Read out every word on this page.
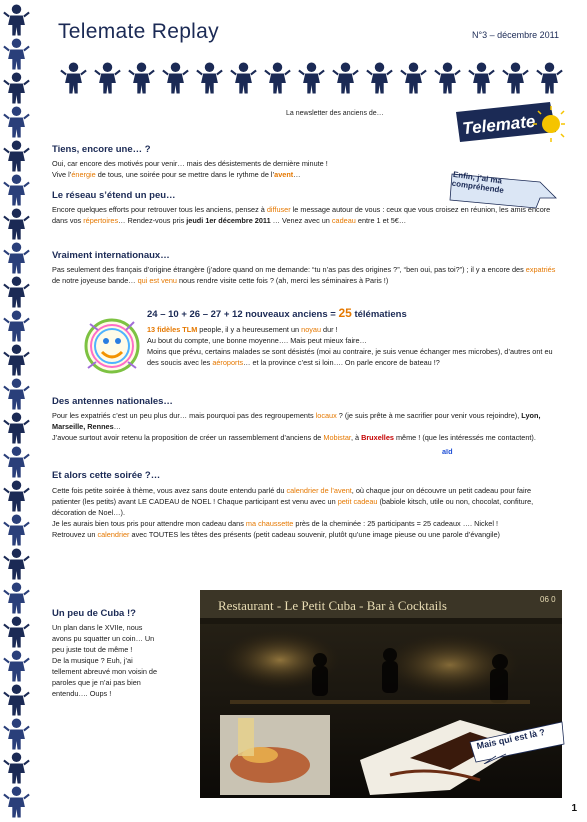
Telemate Replay	N°3 – décembre 2011
La newsletter des anciens de…	Telemate
Tiens, encore une… ?
Oui, car encore des motivés pour venir… mais des désistements de dernière minute !
Vive l’énergie de tous, une soirée pour se mettre dans le rythme de l’avent…	Enfin, j’ai ma compréhende
Le réseau s’étend un peu…
Encore quelques efforts pour retrouver tous les anciens, pensez à diffuser le message autour de vous : ceux que vous croisez en réunion, les amis encore dans vos répertoires… Rendez-vous pris jeudi 1er décembre 2011 … Venez avec un cadeau entre 1 et 5€…
Vraiment internationaux…
Pas seulement des français d’origine étrangère (j’adore quand on me demande: “tu n’as pas des origines ?”, “ben oui, pas toi?”) ; il y a encore des expatriés de notre joyeuse bande… qui est venu nous rendre visite cette fois ? (ah, merci les séminaires à Paris !)
24 – 10 + 26 – 27 + 12 nouveaux anciens = 25 télématiens
13 fidèles TLM people, il y a heureusement un noyau dur !
Au bout du compte, une bonne moyenne…. Mais peut mieux faire…
Moins que prévu, certains malades se sont désistés (moi au contraire, je suis venue échanger mes microbes), d’autres ont eu des soucis avec les aéroports… et la province c’est si loin…. On parle encore de bateau !?
Des antennes nationales…
Pour les expatriés c’est un peu plus dur… mais pourquoi pas des regroupements locaux ? (je suis prête à me sacrifier pour venir vous rejoindre), Lyon, Marseille, Rennes…
J’avoue surtout avoir retenu la proposition de créer un rassemblement d’anciens de Mobistar, à Bruxelles même ! (que les intéressés me contactent).
aïd
Et alors cette soirée ?…
Cette fois petite soirée à thème, vous avez sans doute entendu parlé du calendrier de l’avent, où chaque jour on découvre un petit cadeau pour faire patienter (les petits) avant LE CADEAU de NOEL ! Chaque participant est venu avec un petit cadeau (babiole kitsch, utile ou non, chocolat, confiture, décoration de Noel…).
Je les aurais bien tous pris pour attendre mon cadeau dans ma chaussette près de la cheminée : 25 participants = 25 cadeaux …. Nickel !
Retrouvez un calendrier avec TOUTES les têtes des présents (petit cadeau souvenir, plutôt qu’une image pieuse ou une parole d’évangile)
Un peu de Cuba !?
Un plan dans le XVIIe, nous
avons pu squatter un coin… Un
peu juste tout de même !
De la musique ? Euh, j’ai
tellement abreuvé mon voisin de
paroles que je n’ai pas bien
entendu…. Oups !
Restaurant - Le Petit Cuba - Bar à Cocktails	06 0
Mais qui est là ?
1
